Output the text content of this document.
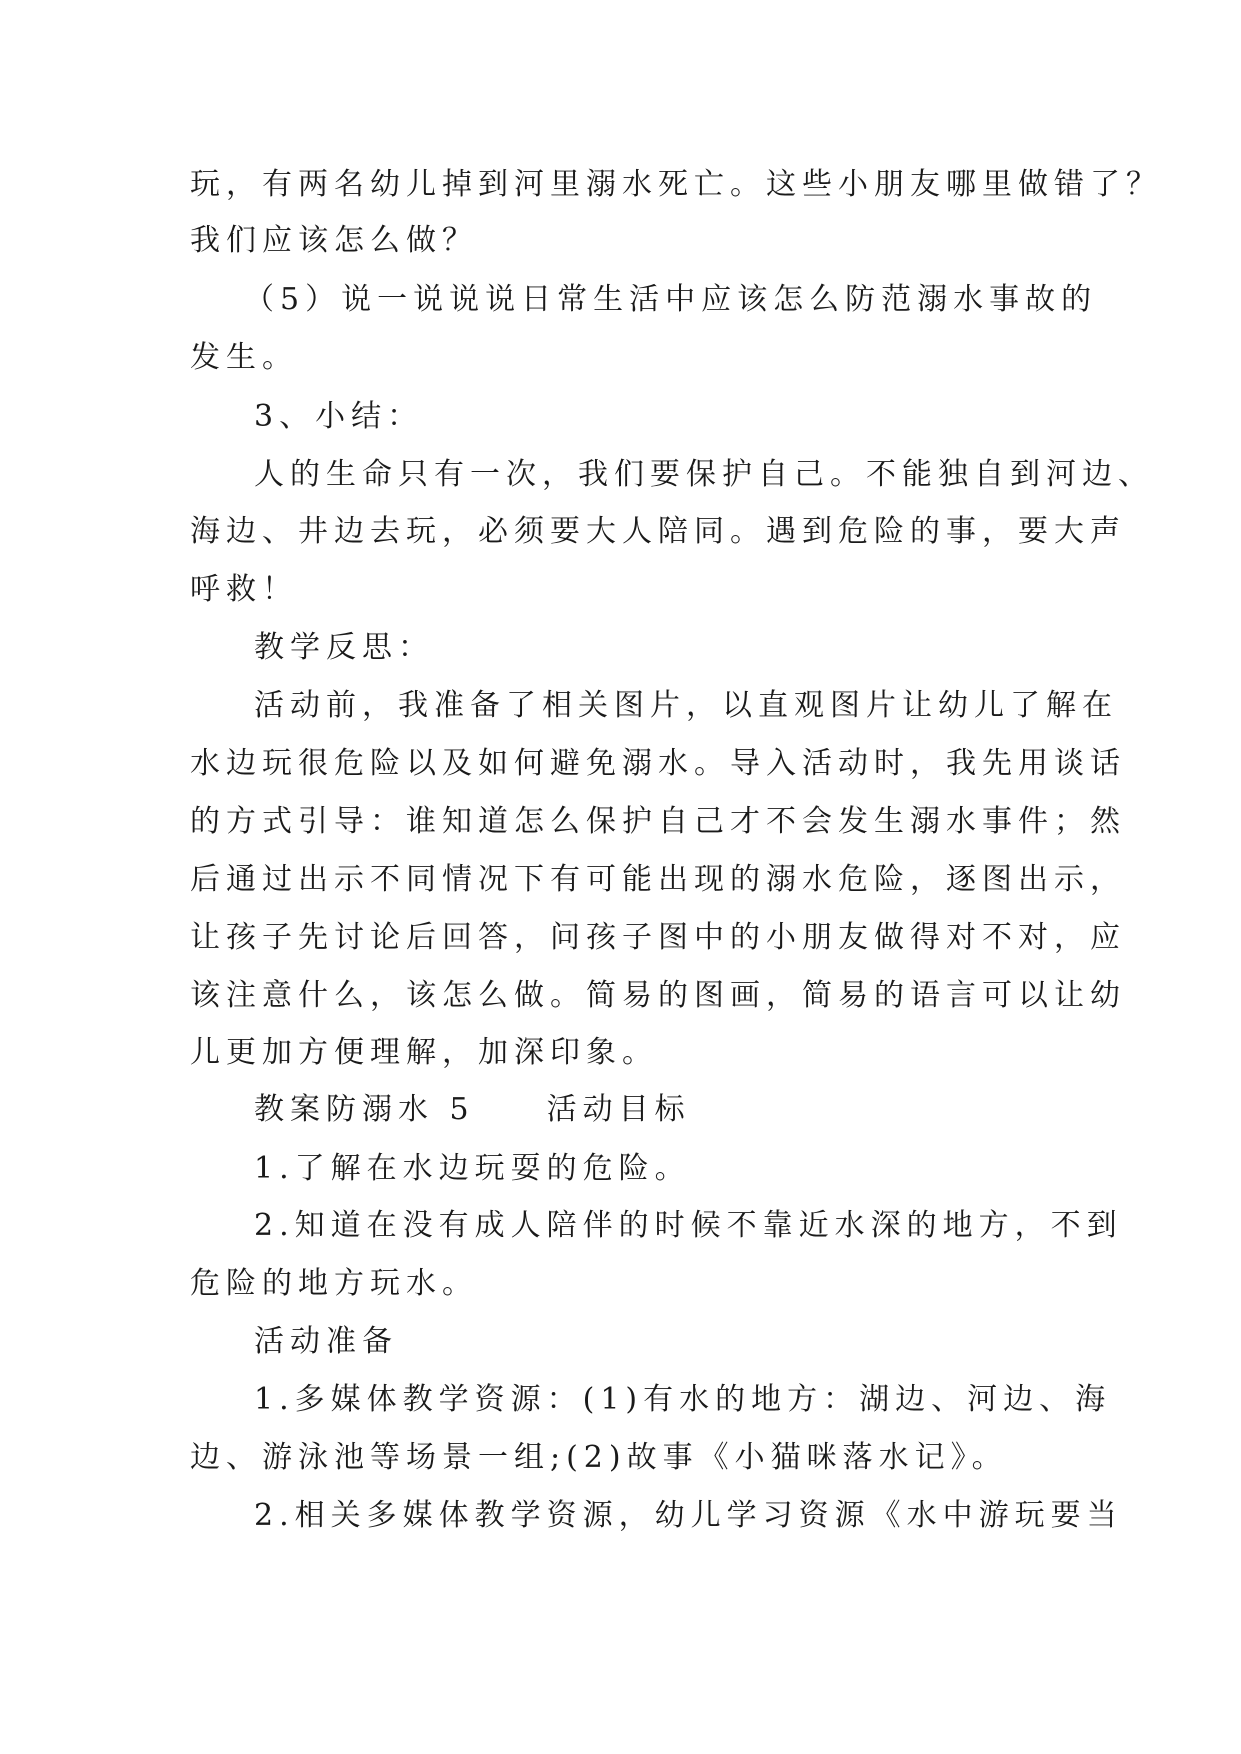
玩，有两名幼儿掉到河里溺水死亡。这些小朋友哪里做错了？
我们应该怎么做？
（5）说一说说说日常生活中应该怎么防范溺水事故的
发生。
3、小结：
人的生命只有一次，我们要保护自己。不能独自到河边、
海边、井边去玩，必须要大人陪同。遇到危险的事，要大声
呼救！
教学反思：
活动前，我准备了相关图片，以直观图片让幼儿了解在
水边玩很危险以及如何避免溺水。导入活动时，我先用谈话
的方式引导：谁知道怎么保护自己才不会发生溺水事件；然
后通过出示不同情况下有可能出现的溺水危险，逐图出示，
让孩子先讨论后回答，问孩子图中的小朋友做得对不对，应
该注意什么，该怎么做。简易的图画，简易的语言可以让幼
儿更加方便理解，加深印象。
教案防溺水 5　　活动目标
1.了解在水边玩耍的危险。
2.知道在没有成人陪伴的时候不靠近水深的地方，不到
危险的地方玩水。
活动准备
1.多媒体教学资源：(1)有水的地方：湖边、河边、海
边、游泳池等场景一组;(2)故事《小猫咪落水记》。
2.相关多媒体教学资源，幼儿学习资源《水中游玩要当
